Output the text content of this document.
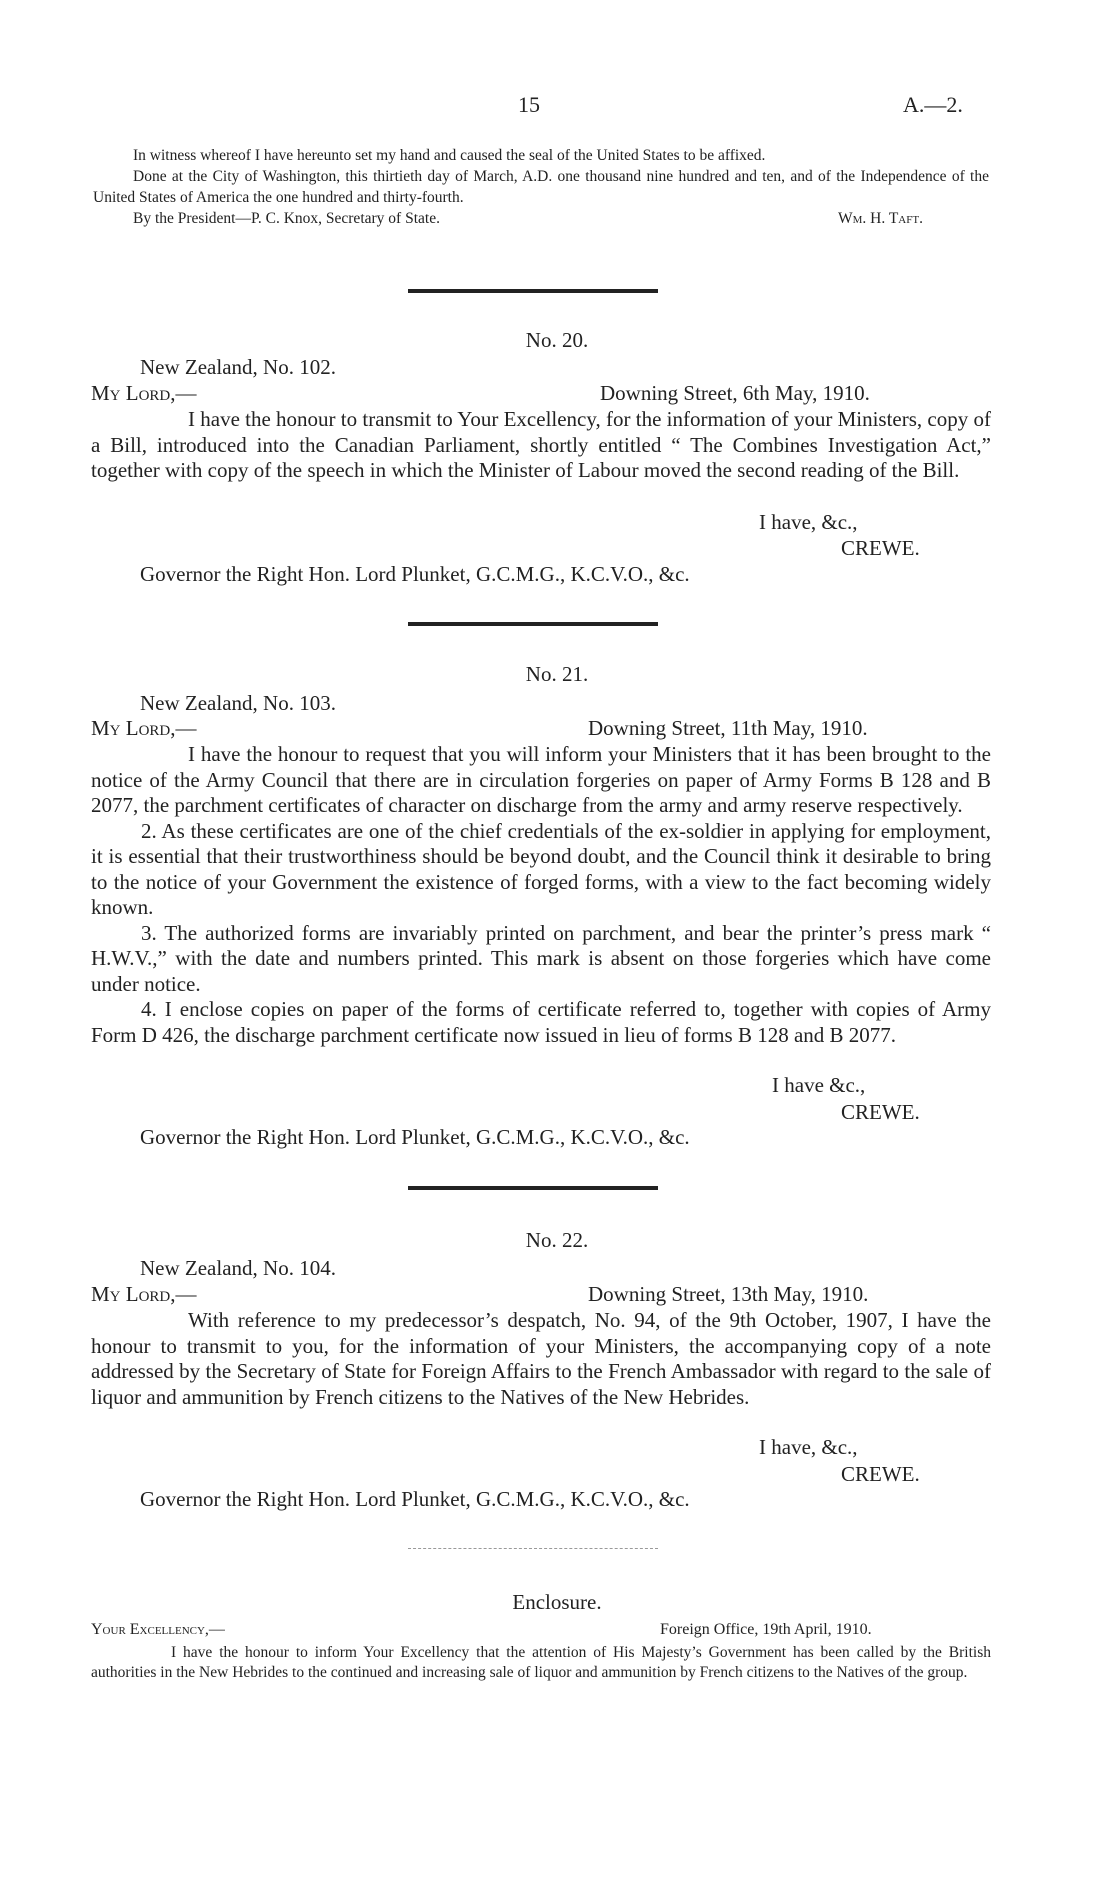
15	A.—2.

In witness whereof I have hereunto set my hand and caused the seal of the United States to be affixed.

Done at the City of Washington, this thirtieth day of March, A.D. one thousand nine hundred and ten, and of the Independence of the United States of America the one hundred and thirty-fourth.

By the President—P. C. Knox, Secretary of State.	Wm. H. Taft.

No. 20.
New Zealand, No. 102.
My Lord,—	Downing Street, 6th May, 1910.

I have the honour to transmit to Your Excellency, for the information of your Ministers, copy of a Bill, introduced into the Canadian Parliament, shortly entitled “ The Combines Investigation Act,” together with copy of the speech in which the Minister of Labour moved the second reading of the Bill.

I have, &c.,
CREWE.
Governor the Right Hon. Lord Plunket, G.C.M.G., K.C.V.O., &c.
No. 21.
New Zealand, No. 103.
My Lord,—	Downing Street, 11th May, 1910.

I have the honour to request that you will inform your Ministers that it has been brought to the notice of the Army Council that there are in circulation forgeries on paper of Army Forms B 128 and B 2077, the parchment certificates of character on discharge from the army and army reserve respectively.

2. As these certificates are one of the chief credentials of the ex-soldier in applying for employment, it is essential that their trustworthiness should be beyond doubt, and the Council think it desirable to bring to the notice of your Government the existence of forged forms, with a view to the fact becoming widely known.

3. The authorized forms are invariably printed on parchment, and bear the printer’s press mark “ H.W.V.,” with the date and numbers printed. This mark is absent on those forgeries which have come under notice.

4. I enclose copies on paper of the forms of certificate referred to, together with copies of Army Form D 426, the discharge parchment certificate now issued in lieu of forms B 128 and B 2077.

I have &c.,
CREWE.
Governor the Right Hon. Lord Plunket, G.C.M.G., K.C.V.O., &c.
No. 22.
New Zealand, No. 104.
My Lord,—	Downing Street, 13th May, 1910.

With reference to my predecessor’s despatch, No. 94, of the 9th October, 1907, I have the honour to transmit to you, for the information of your Ministers, the accompanying copy of a note addressed by the Secretary of State for Foreign Affairs to the French Ambassador with regard to the sale of liquor and ammunition by French citizens to the Natives of the New Hebrides.

I have, &c.,
CREWE.
Governor the Right Hon. Lord Plunket, G.C.M.G., K.C.V.O., &c.
Enclosure.
Your Excellency,—	Foreign Office, 19th April, 1910.

I have the honour to inform Your Excellency that the attention of His Majesty’s Government has been called by the British authorities in the New Hebrides to the continued and increasing sale of liquor and ammunition by French citizens to the Natives of the group.
